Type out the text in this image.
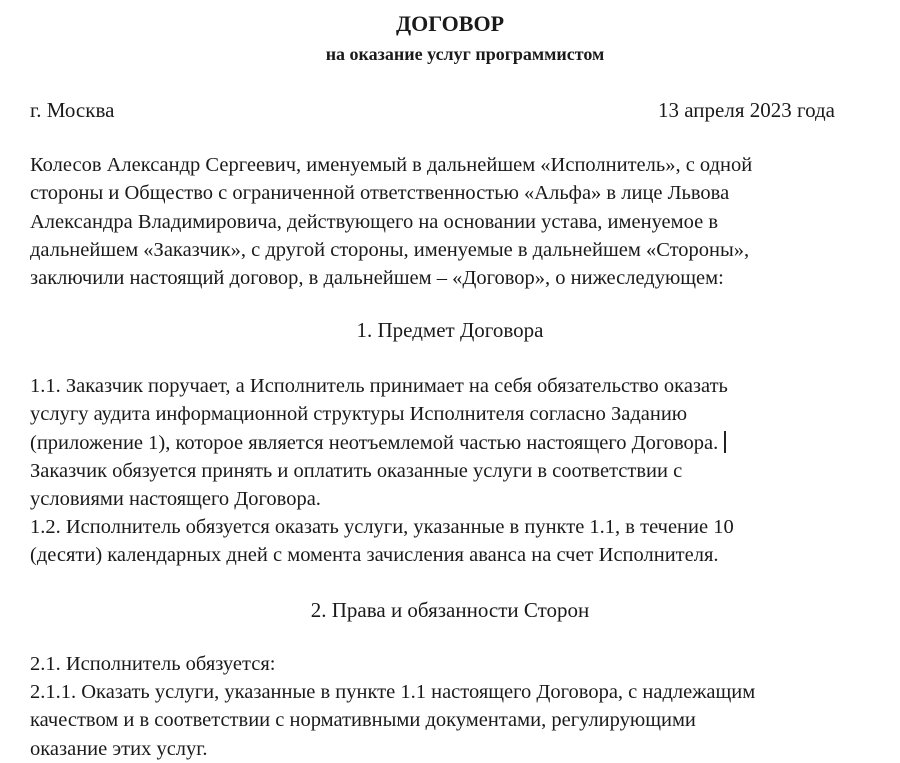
ДОГОВОР
на оказание услуг программистом
г. Москва	13 апреля 2023 года
Колесов Александр Сергеевич, именуемый в дальнейшем «Исполнитель», с одной
стороны и Общество с ограниченной ответственностью «Альфа» в лице Львова
Александра Владимировича, действующего на основании устава, именуемое в
дальнейшем «Заказчик», с другой стороны, именуемые в дальнейшем «Стороны»,
заключили настоящий договор, в дальнейшем – «Договор», о нижеследующем:
1. Предмет Договора
1.1. Заказчик поручает, а Исполнитель принимает на себя обязательство оказать
услугу аудита информационной структуры Исполнителя согласно Заданию
(приложение 1), которое является неотъемлемой частью настоящего Договора.
Заказчик обязуется принять и оплатить оказанные услуги в соответствии с
условиями настоящего Договора.
1.2. Исполнитель обязуется оказать услуги, указанные в пункте 1.1, в течение 10
(десяти) календарных дней с момента зачисления аванса на счет Исполнителя.
2. Права и обязанности Сторон
2.1. Исполнитель обязуется:
2.1.1. Оказать услуги, указанные в пункте 1.1 настоящего Договора, с надлежащим
качеством и в соответствии с нормативными документами, регулирующими
оказание этих услуг.
